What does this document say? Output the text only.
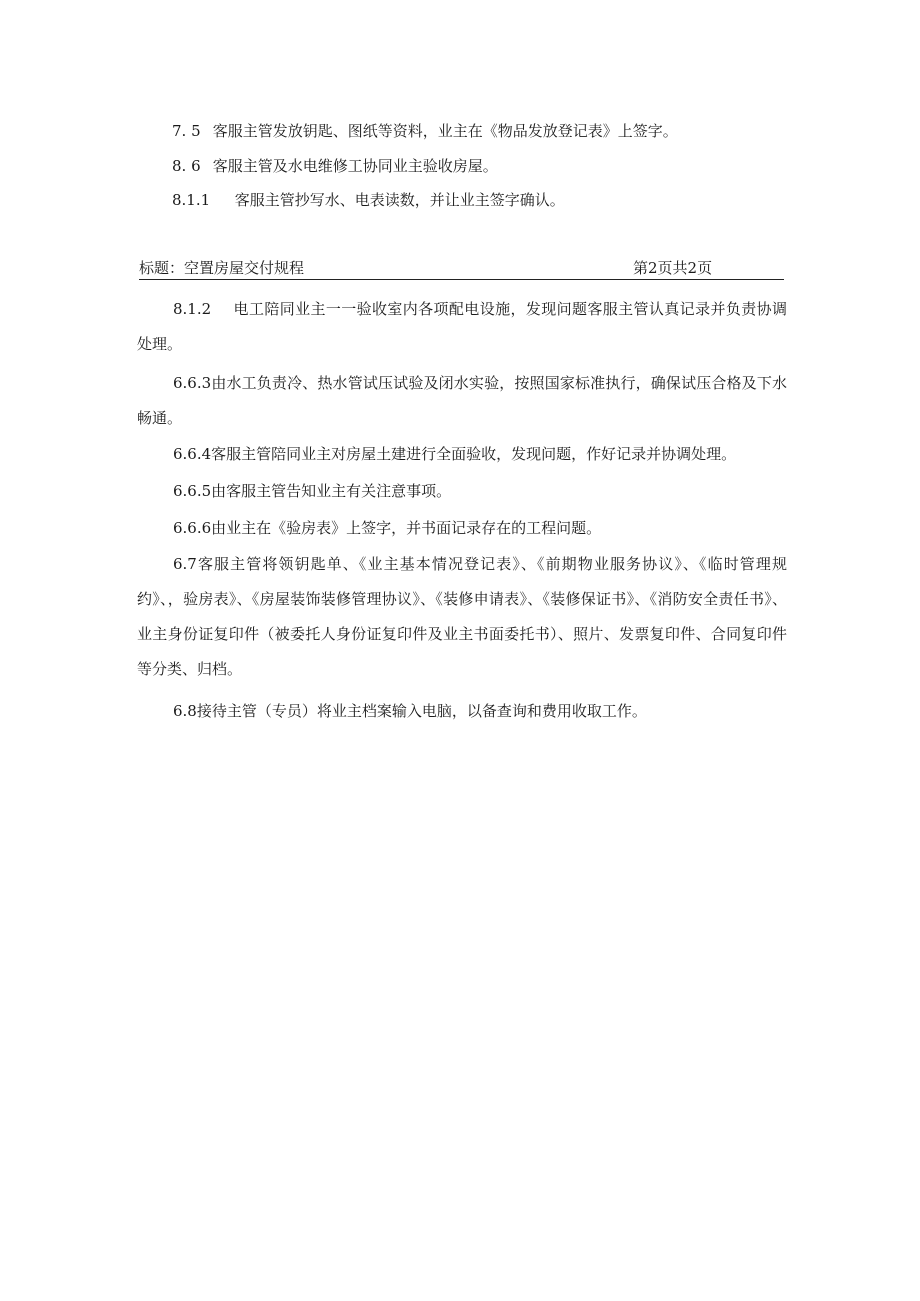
7. 5 客服主管发放钥匙、图纸等资料，业主在《物品发放登记表》上签字。
8. 6 客服主管及水电维修工协同业主验收房屋。
8.1.1 客服主管抄写水、电表读数，并让业主签字确认。
标题：空置房屋交付规程	第2页共2页
8.1.2 电工陪同业主一一验收室内各项配电设施，发现问题客服主管认真记录并负责协调处理。
6.6.3由水工负责冷、热水管试压试验及闭水实验，按照国家标准执行，确保试压合格及下水畅通。
6.6.4客服主管陪同业主对房屋土建进行全面验收，发现问题，作好记录并协调处理。
6.6.5由客服主管告知业主有关注意事项。
6.6.6由业主在《验房表》上签字，并书面记录存在的工程问题。
6.7客服主管将领钥匙单、《业主基本情况登记表》、《前期物业服务协议》、《临时管理规约》、，验房表》、《房屋装饰装修管理协议》、《装修申请表》、《装修保证书》、《消防安全责任书》、业主身份证复印件（被委托人身份证复印件及业主书面委托书）、照片、发票复印件、合同复印件等分类、归档。
6.8接待主管（专员）将业主档案输入电脑，以备查询和费用收取工作。
